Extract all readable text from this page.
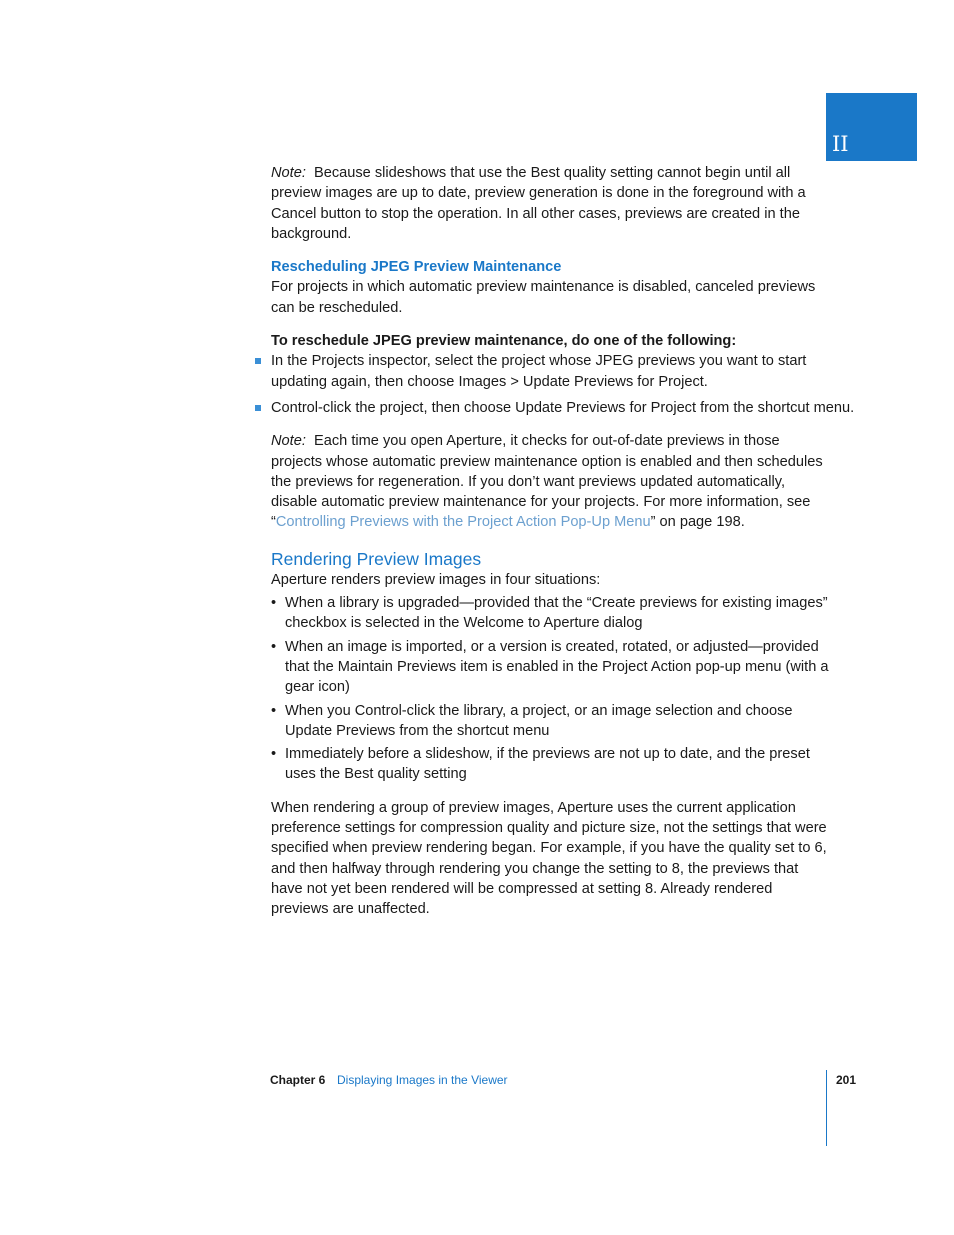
II

Note: Because slideshows that use the Best quality setting cannot begin until all preview images are up to date, preview generation is done in the foreground with a Cancel button to stop the operation. In all other cases, previews are created in the background.

Rescheduling JPEG Preview Maintenance

For projects in which automatic preview maintenance is disabled, canceled previews can be rescheduled.

To reschedule JPEG preview maintenance, do one of the following:

In the Projects inspector, select the project whose JPEG previews you want to start updating again, then choose Images > Update Previews for Project.
Control-click the project, then choose Update Previews for Project from the shortcut menu.

Note: Each time you open Aperture, it checks for out-of-date previews in those projects whose automatic preview maintenance option is enabled and then schedules the previews for regeneration. If you don’t want previews updated automatically, disable automatic preview maintenance for your projects. For more information, see “Controlling Previews with the Project Action Pop-Up Menu” on page 198.

Rendering Preview Images

Aperture renders preview images in four situations:

• When a library is upgraded—provided that the “Create previews for existing images” checkbox is selected in the Welcome to Aperture dialog
• When an image is imported, or a version is created, rotated, or adjusted—provided that the Maintain Previews item is enabled in the Project Action pop-up menu (with a gear icon)
• When you Control-click the library, a project, or an image selection and choose Update Previews from the shortcut menu
• Immediately before a slideshow, if the previews are not up to date, and the preset uses the Best quality setting

When rendering a group of preview images, Aperture uses the current application preference settings for compression quality and picture size, not the settings that were specified when preview rendering began. For example, if you have the quality set to 6, and then halfway through rendering you change the setting to 8, the previews that have not yet been rendered will be compressed at setting 8. Already rendered previews are unaffected.

Chapter 6 Displaying Images in the Viewer	201
